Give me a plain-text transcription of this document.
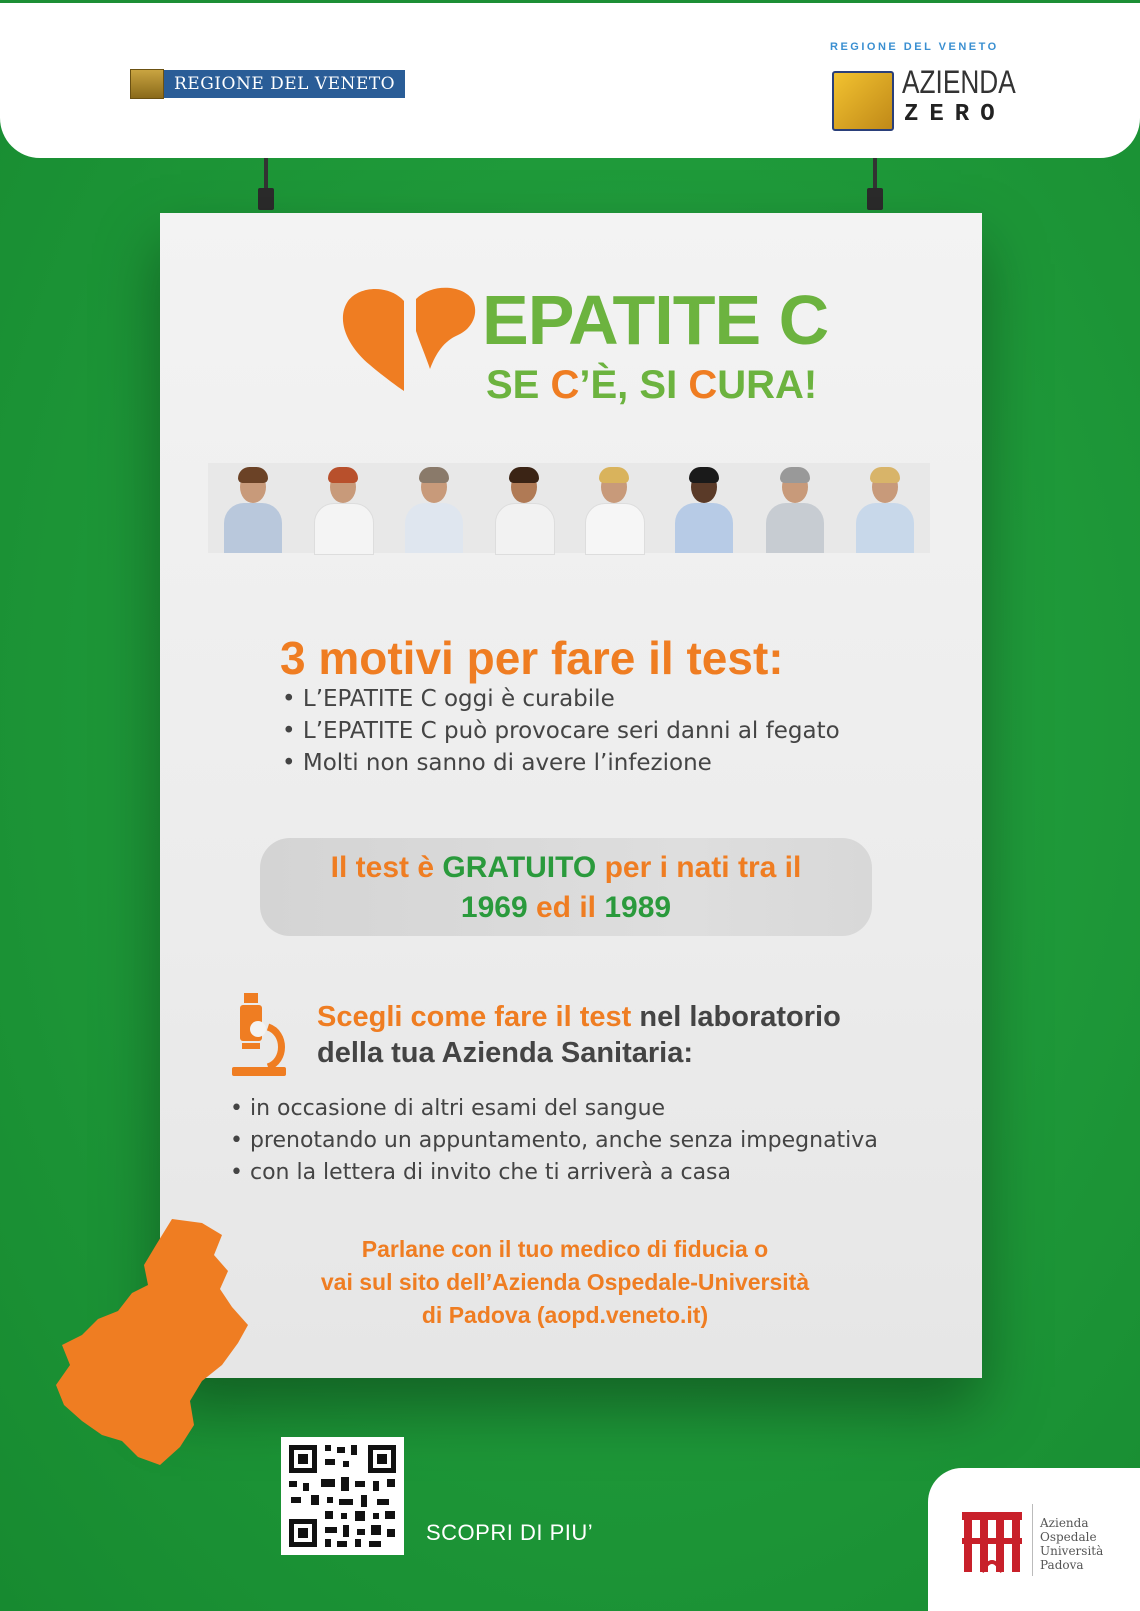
REGIONE DEL VENETO
REGIONE DEL VENETO
AZIENDA
ZERO
EPATITE C
SE C’È, SI CURA!
3 motivi per fare il test:
• L’EPATITE C oggi è curabile
• L’EPATITE C può provocare seri danni al fegato
• Molti non sanno di avere l’infezione
Il test è GRATUITO per i nati tra il
1969 ed il 1989
Scegli come fare il test nel laboratorio
della tua Azienda Sanitaria:
• in occasione di altri esami del sangue
• prenotando un appuntamento, anche senza impegnativa
• con la lettera di invito che ti arriverà a casa
Parlane con il tuo medico di fiducia o
vai sul sito dell’Azienda Ospedale-Università
di Padova (aopd.veneto.it)
SCOPRI DI PIU’	Azienda
Ospedale
Università
Padova
